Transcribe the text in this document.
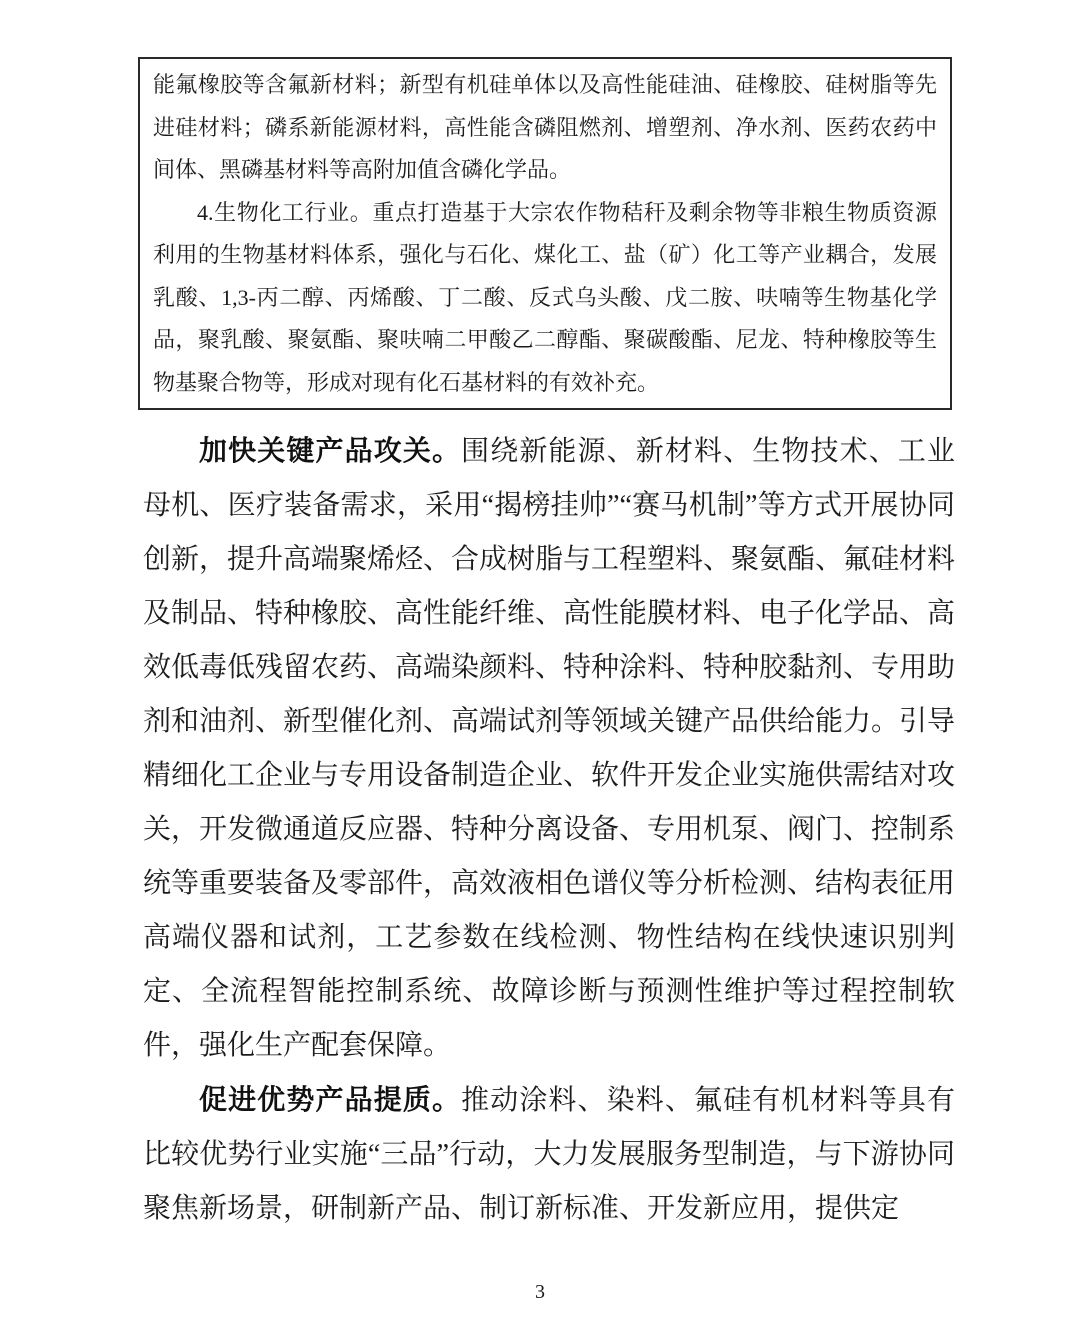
能氟橡胶等含氟新材料；新型有机硅单体以及高性能硅油、硅橡胶、硅树脂等先进硅材料；磷系新能源材料，高性能含磷阻燃剂、增塑剂、净水剂、医药农药中间体、黑磷基材料等高附加值含磷化学品。

4.生物化工行业。重点打造基于大宗农作物秸秆及剩余物等非粮生物质资源利用的生物基材料体系，强化与石化、煤化工、盐（矿）化工等产业耦合，发展乳酸、1,3-丙二醇、丙烯酸、丁二酸、反式乌头酸、戊二胺、呋喃等生物基化学品，聚乳酸、聚氨酯、聚呋喃二甲酸乙二醇酯、聚碳酸酯、尼龙、特种橡胶等生物基聚合物等，形成对现有化石基材料的有效补充。

加快关键产品攻关。围绕新能源、新材料、生物技术、工业母机、医疗装备需求，采用“揭榜挂帅”“赛马机制”等方式开展协同创新，提升高端聚烯烃、合成树脂与工程塑料、聚氨酯、氟硅材料及制品、特种橡胶、高性能纤维、高性能膜材料、电子化学品、高效低毒低残留农药、高端染颜料、特种涂料、特种胶黏剂、专用助剂和油剂、新型催化剂、高端试剂等领域关键产品供给能力。引导精细化工企业与专用设备制造企业、软件开发企业实施供需结对攻关，开发微通道反应器、特种分离设备、专用机泵、阀门、控制系统等重要装备及零部件，高效液相色谱仪等分析检测、结构表征用高端仪器和试剂，工艺参数在线检测、物性结构在线快速识别判定、全流程智能控制系统、故障诊断与预测性维护等过程控制软件，强化生产配套保障。

促进优势产品提质。推动涂料、染料、氟硅有机材料等具有比较优势行业实施“三品”行动，大力发展服务型制造，与下游协同聚焦新场景，研制新产品、制订新标准、开发新应用，提供定

3
